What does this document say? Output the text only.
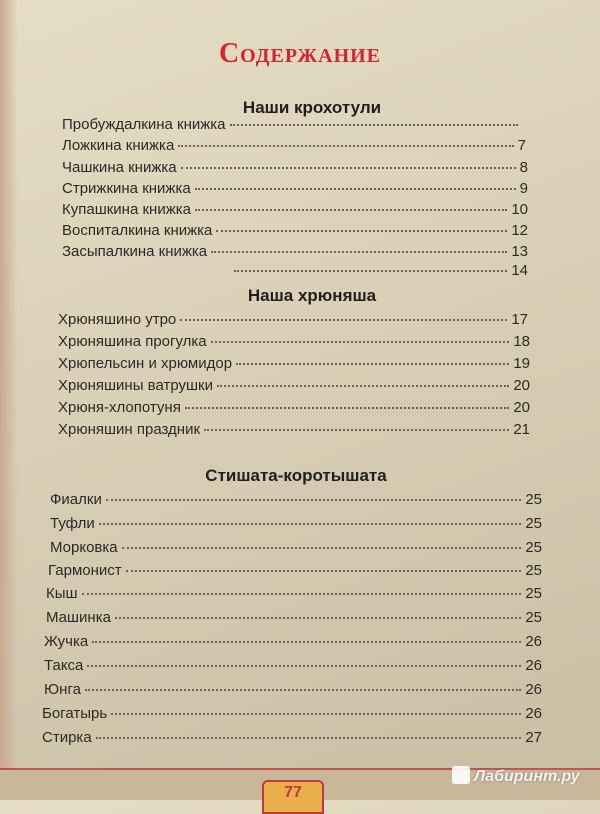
Содержание
Наши крохотули
Пробуждалкина книжка
Ложкина книжка	7
Чашкина книжка	8
Стрижкина книжка	9
Купашкина книжка	10
Воспиталкина книжка	12
Засыпалкина книжка	13
14
Наша хрюняша
Хрюняшино утро	17
Хрюняшина прогулка	18
Хрюпельсин и хрюмидор	19
Хрюняшины ватрушки	20
Хрюня-хлопотуня	20
Хрюняшин праздник	21
Стишата-коротышата
Фиалки	25
Туфли	25
Морковка	25
Гармонист	25
Кыш	25
Машинка	25
Жучка	26
Такса	26
Юнга	26
Богатырь	26
Стирка	27
77
Лабиринт.ру
